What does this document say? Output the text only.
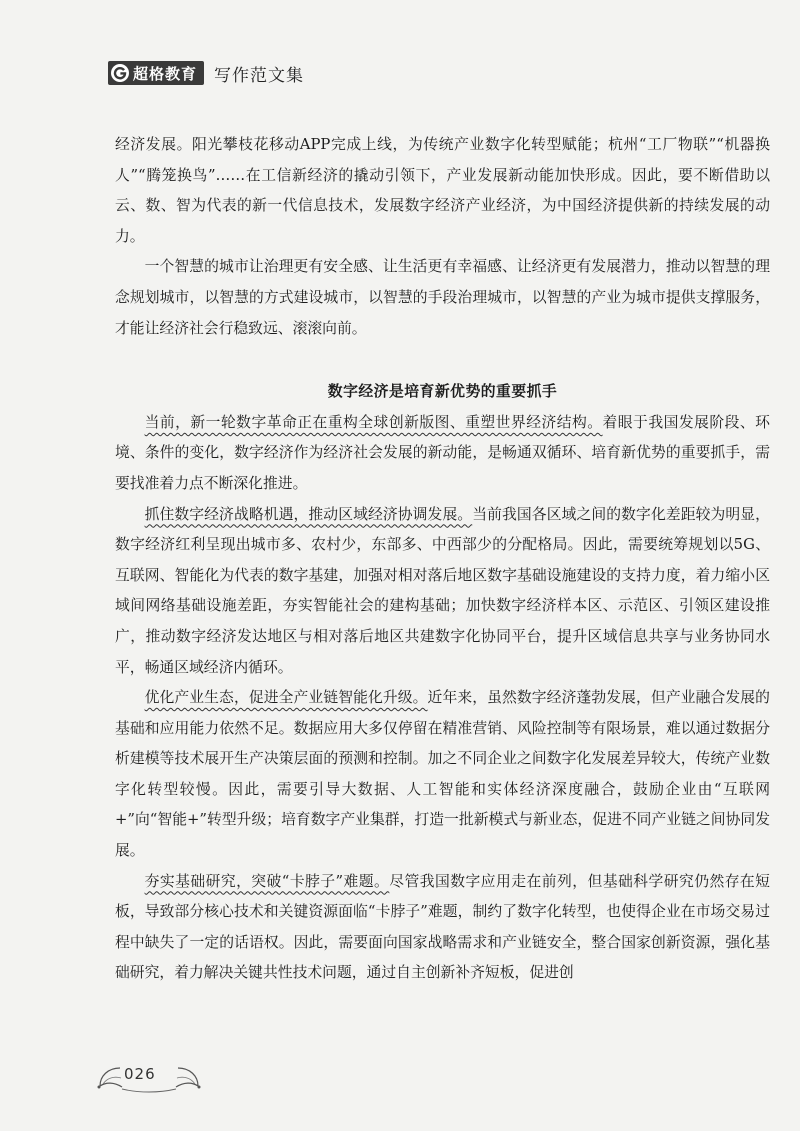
超格教育 写作范文集

经济发展。阳光攀枝花移动APP完成上线，为传统产业数字化转型赋能；杭州“工厂物联”“机器换人”“腾笼换鸟”……在工信新经济的撬动引领下，产业发展新动能加快形成。因此，要不断借助以云、数、智为代表的新一代信息技术，发展数字经济产业经济，为中国经济提供新的持续发展的动力。

一个智慧的城市让治理更有安全感、让生活更有幸福感、让经济更有发展潜力，推动以智慧的理念规划城市，以智慧的方式建设城市，以智慧的手段治理城市，以智慧的产业为城市提供支撑服务，才能让经济社会行稳致远、滚滚向前。

数字经济是培育新优势的重要抓手

当前，新一轮数字革命正在重构全球创新版图、重塑世界经济结构。着眼于我国发展阶段、环境、条件的变化，数字经济作为经济社会发展的新动能，是畅通双循环、培育新优势的重要抓手，需要找准着力点不断深化推进。

抓住数字经济战略机遇，推动区域经济协调发展。当前我国各区域之间的数字化差距较为明显，数字经济红利呈现出城市多、农村少，东部多、中西部少的分配格局。因此，需要统筹规划以5G、互联网、智能化为代表的数字基建，加强对相对落后地区数字基础设施建设的支持力度，着力缩小区域间网络基础设施差距，夯实智能社会的建构基础；加快数字经济样本区、示范区、引领区建设推广，推动数字经济发达地区与相对落后地区共建数字化协同平台，提升区域信息共享与业务协同水平，畅通区域经济内循环。

优化产业生态，促进全产业链智能化升级。近年来，虽然数字经济蓬勃发展，但产业融合发展的基础和应用能力依然不足。数据应用大多仅停留在精准营销、风险控制等有限场景，难以通过数据分析建模等技术展开生产决策层面的预测和控制。加之不同企业之间数字化发展差异较大，传统产业数字化转型较慢。因此，需要引导大数据、人工智能和实体经济深度融合，鼓励企业由“互联网+”向“智能+”转型升级；培育数字产业集群，打造一批新模式与新业态，促进不同产业链之间协同发展。

夯实基础研究，突破“卡脖子”难题。尽管我国数字应用走在前列，但基础科学研究仍然存在短板，导致部分核心技术和关键资源面临“卡脖子”难题，制约了数字化转型，也使得企业在市场交易过程中缺失了一定的话语权。因此，需要面向国家战略需求和产业链安全，整合国家创新资源，强化基础研究，着力解决关键共性技术问题，通过自主创新补齐短板，促进创

026
